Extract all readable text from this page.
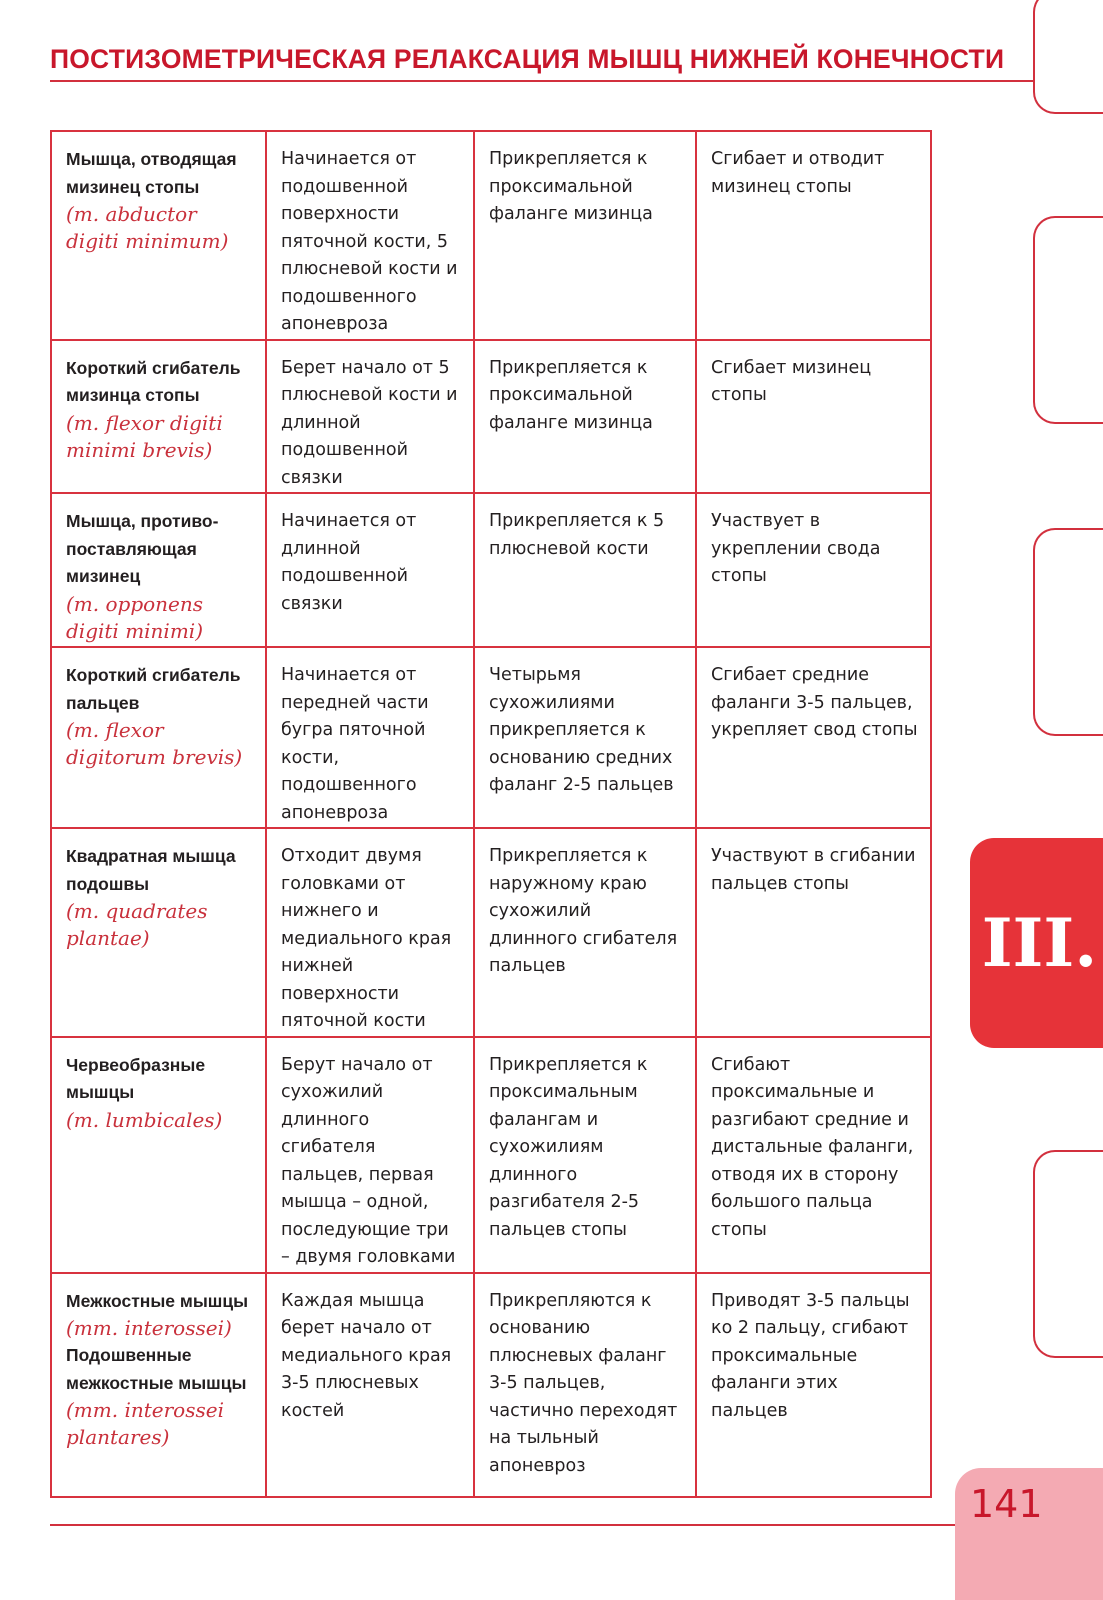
III.
ПОСТИЗОМЕТРИЧЕСКАЯ РЕЛАКСАЦИЯ МЫШЦ НИЖНЕЙ КОНЕЧНОСТИ
Мышца, отводящая мизинец стопы
(m. abductor digiti minimum)	Начинается от подошвенной поверхности пяточной кости, 5 плюсневой кости и подошвенного апоневроза	Прикрепляется к проксимальной фаланге мизинца	Сгибает и отводит мизинец стопы

Короткий сгибатель мизинца стопы
(m. flexor digiti minimi brevis)	Берет начало от 5 плюсневой кости и длинной подошвенной связки	Прикрепляется к проксимальной фаланге мизинца	Сгибает мизинец стопы

Мышца, противо-поставляющая мизинец
(m. opponens digiti minimi)	Начинается от длинной подошвенной связки	Прикрепляется к 5 плюсневой кости	Участвует в укреплении свода стопы

Короткий сгибатель пальцев
(m. flexor digitorum brevis)	Начинается от передней части бугра пяточной кости, подошвенного апоневроза	Четырьмя сухожилиями прикрепляется к основанию средних фаланг 2-5 пальцев	Сгибает средние фаланги 3-5 пальцев, укрепляет свод стопы

Квадратная мышца подошвы
(m. quadrates plantae)	Отходит двумя головками от нижнего и медиального края нижней поверхности пяточной кости	Прикрепляется к наружному краю сухожилий длинного сгибателя пальцев	Участвуют в сгибании пальцев стопы

Червеобразные мышцы
(m. lumbicales)	Берут начало от сухожилий длинного сгибателя пальцев, первая мышца – одной, последующие три – двумя головками	Прикрепляется к проксимальным фалангам и сухожилиям длинного разгибателя 2-5 пальцев стопы	Сгибают проксимальные и разгибают средние и дистальные фаланги, отводя их в сторону большого пальца стопы

Межкостные мышцы
(mm. interossei)
Подошвенные межкостные мышцы
(mm. interossei plantares)	Каждая мышца берет начало от медиального края 3-5 плюсневых костей	Прикрепляются к основанию плюсневых фаланг 3-5 пальцев, частично переходят на тыльный апоневроз	Приводят 3-5 пальцы ко 2 пальцу, сгибают проксимальные фаланги этих пальцев
141
